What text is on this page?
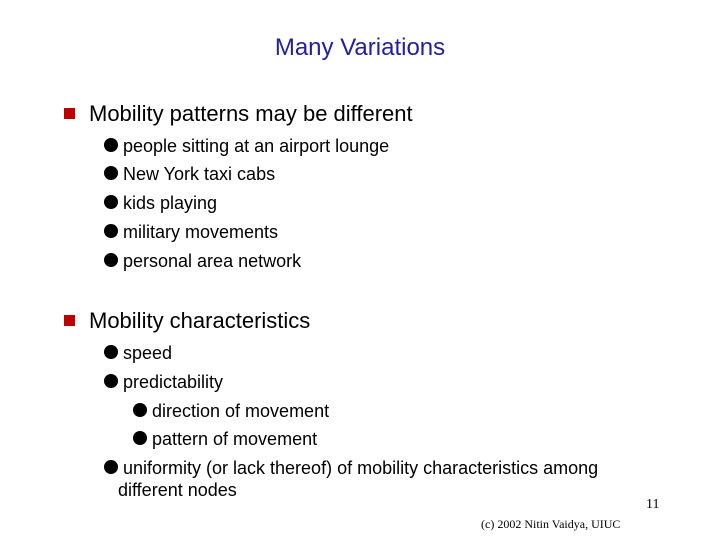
Many Variations
Mobility patterns may be different
people sitting at an airport lounge
New York taxi cabs
kids playing
military movements
personal area network
Mobility characteristics
speed
predictability
direction of movement
pattern of movement
uniformity (or lack thereof) of mobility characteristics among
different nodes
11
(c) 2002 Nitin Vaidya, UIUC
